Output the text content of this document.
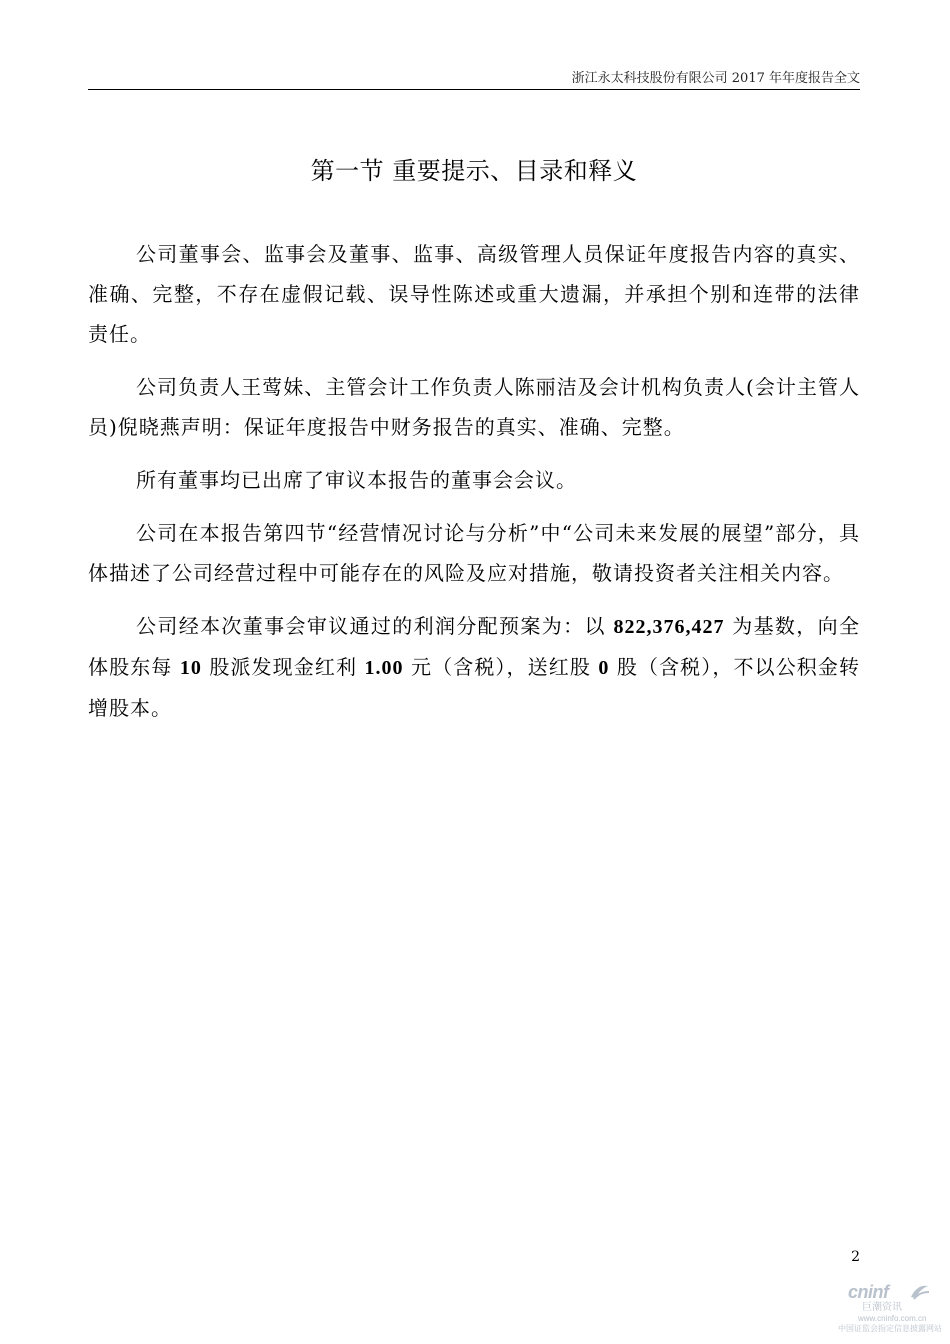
浙江永太科技股份有限公司 2017 年年度报告全文
第一节 重要提示、目录和释义

公司董事会、监事会及董事、监事、高级管理人员保证年度报告内容的真实、准确、完整，不存在虚假记载、误导性陈述或重大遗漏，并承担个别和连带的法律责任。

公司负责人王莺妹、主管会计工作负责人陈丽洁及会计机构负责人(会计主管人员)倪晓燕声明：保证年度报告中财务报告的真实、准确、完整。

所有董事均已出席了审议本报告的董事会会议。

公司在本报告第四节“经营情况讨论与分析”中“公司未来发展的展望”部分，具体描述了公司经营过程中可能存在的风险及应对措施，敬请投资者关注相关内容。

公司经本次董事会审议通过的利润分配预案为：以 822,376,427 为基数，向全体股东每 10 股派发现金红利 1.00 元（含税），送红股 0 股（含税），不以公积金转增股本。

2
cninf
巨潮资讯
www.cninfo.com.cn
中国证监会指定信息披露网站
